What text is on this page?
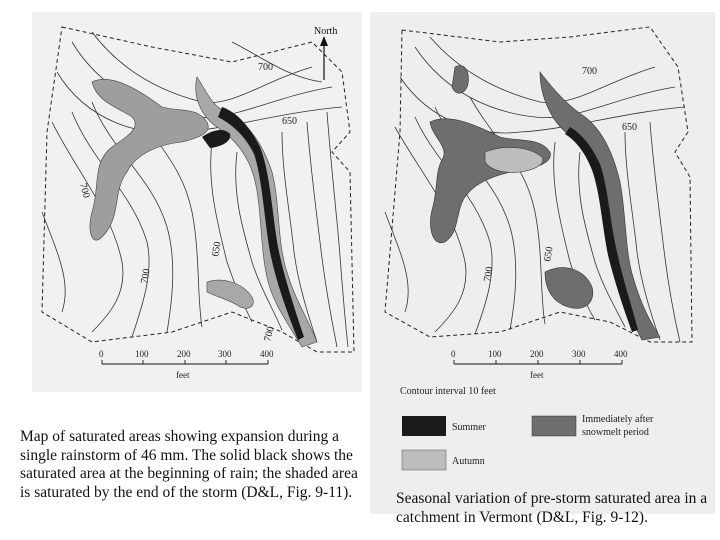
700
650
700
650
700
700
North
0	100	200	300	400
feet
700
650
650
700
0	100	200	300	400
feet
Contour interval 10 feet
Summer
Autumn
Immediately after
snowmelt period
Map of saturated areas showing expansion during a single rainstorm of 46 mm. The solid black shows the saturated area at the beginning of rain; the shaded area is saturated by the end of the storm (D&L, Fig. 9-11).	Seasonal variation of pre-storm saturated area in a catchment in Vermont (D&L, Fig. 9-12).
